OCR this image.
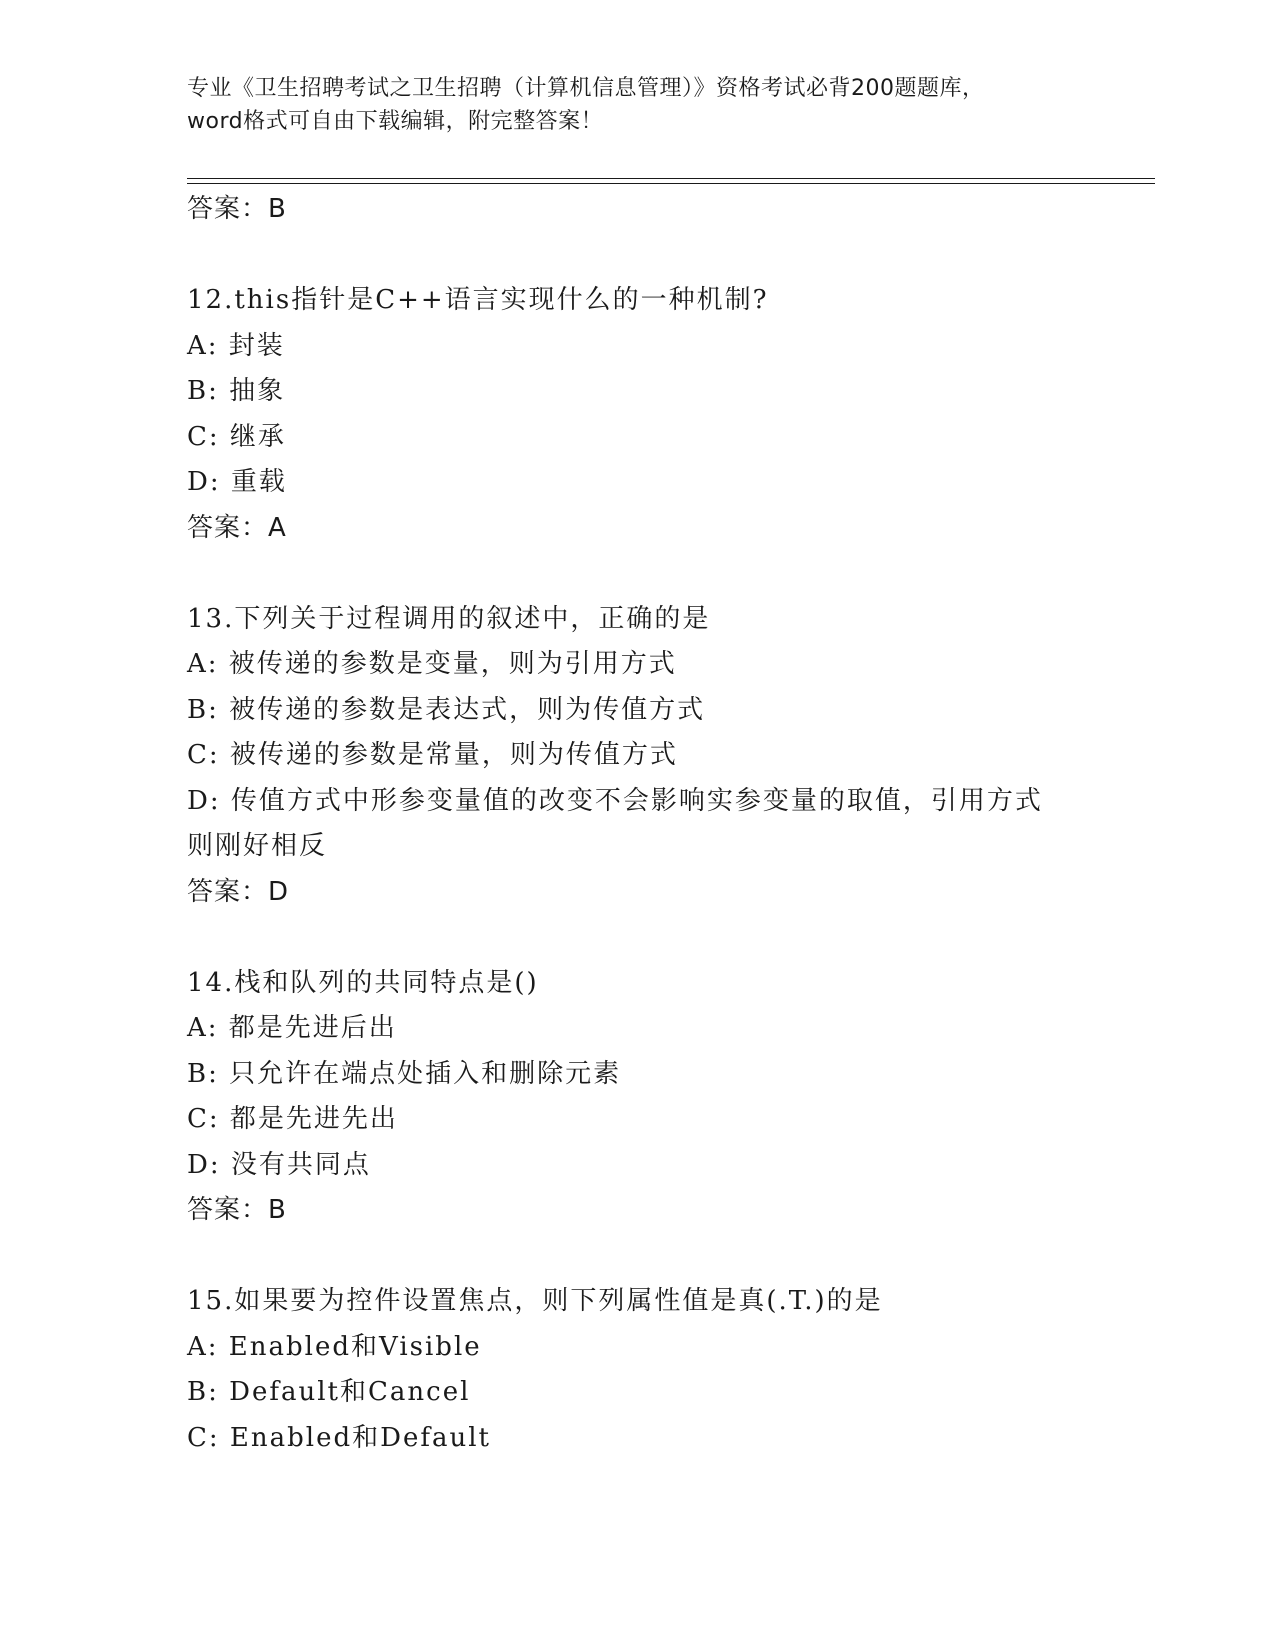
专业《卫生招聘考试之卫生招聘（计算机信息管理）》资格考试必背200题题库，
word格式可自由下载编辑，附完整答案！
答案：B
12.this指针是C++语言实现什么的一种机制?
A: 封装
B: 抽象
C: 继承
D: 重载
答案：A
13.下列关于过程调用的叙述中，正确的是
A: 被传递的参数是变量，则为引用方式
B: 被传递的参数是表达式，则为传值方式
C: 被传递的参数是常量，则为传值方式
D: 传值方式中形参变量值的改变不会影响实参变量的取值，引用方式则刚好相反
答案：D
14.栈和队列的共同特点是()
A: 都是先进后出
B: 只允许在端点处插入和删除元素
C: 都是先进先出
D: 没有共同点
答案：B
15.如果要为控件设置焦点，则下列属性值是真(.T.)的是
A: Enabled和Visible
B: Default和Cancel
C: Enabled和Default
